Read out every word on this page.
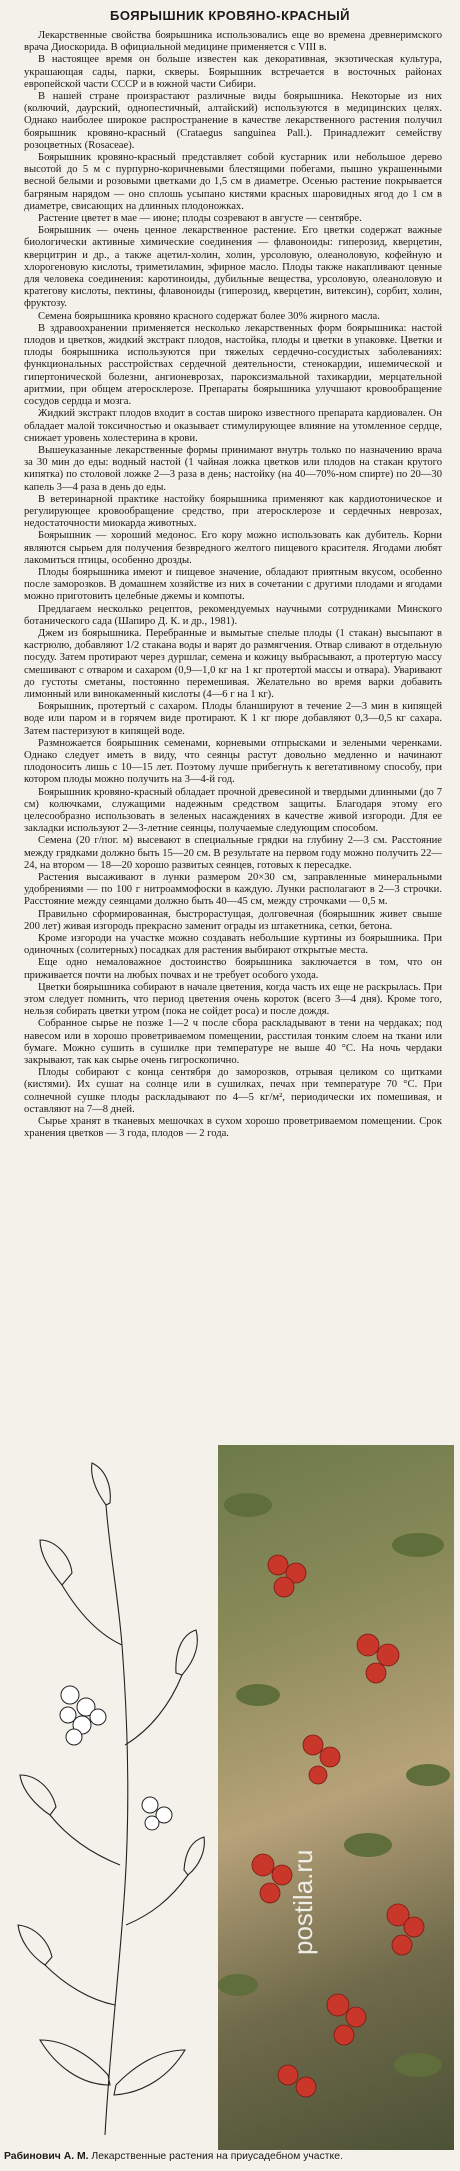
БОЯРЫШНИК КРОВЯНО-КРАСНЫЙ

Лекарственные свойства боярышника использовались еще во времена древнеримского врача Диоскорида. В официальной медицине применяется с VIII в.

В настоящее время он больше известен как декоративная, экзотическая культура, украшающая сады, парки, скверы. Боярышник встречается в восточных районах европейской части СССР и в южной части Сибири.

В нашей стране произрастают различные виды боярышника. Некоторые из них (колючий, даурский, однопестичный, алтайский) используются в медицинских целях. Однако наиболее широкое распространение в качестве лекарственного растения получил боярышник кровяно-красный (Crataegus sanguinea Pall.). Принадлежит семейству розоцветных (Rosaceae).

Боярышник кровяно-красный представляет собой кустарник или небольшое дерево высотой до 5 м с пурпурно-коричневыми блестящими побегами, пышно украшенными весной белыми и розовыми цветками до 1,5 см в диаметре. Осенью растение покрывается багряным нарядом — оно сплошь усыпано кистями красных шаровидных ягод до 1 см в диаметре, свисающих на длинных плодоножках.

Растение цветет в мае — июне; плоды созревают в августе — сентябре.

Боярышник — очень ценное лекарственное растение. Его цветки содержат важные биологически активные химические соединения — флавоноиды: гиперозид, кверцетин, кверцитрин и др., а также ацетил-холин, холин, урсоловую, олеаноловую, кофейную и хлорогеновую кислоты, триметиламин, эфирное масло. Плоды также накапливают ценные для человека соединения: каротиноиды, дубильные вещества, урсоловую, олеаноловую и кратегову кислоты, пектины, флавоноиды (гиперозид, кверцетин, витексин), сорбит, холин, фруктозу.

Семена боярышника кровяно красного содержат более 30% жирного масла.

В здравоохранении применяется несколько лекарственных форм боярышника: настой плодов и цветков, жидкий экстракт плодов, настойка, плоды и цветки в упаковке. Цветки и плоды боярышника используются при тяжелых сердечно-сосудистых заболеваниях: функциональных расстройствах сердечной деятельности, стенокардии, ишемической и гипертонической болезни, ангионеврозах, пароксизмальной тахикардии, мерцательной аритмии, при общем атеросклерозе. Препараты боярышника улучшают кровообращение сосудов сердца и мозга.

Жидкий экстракт плодов входит в состав широко известного препарата кардиовален. Он обладает малой токсичностью и оказывает стимулирующее влияние на утомленное сердце, снижает уровень холестерина в крови.

Вышеуказанные лекарственные формы принимают внутрь только по назначению врача за 30 мин до еды: водный настой (1 чайная ложка цветков или плодов на стакан крутого кипятка) по столовой ложке 2—3 раза в день; настойку (на 40—70%-ном спирте) по 20—30 капель 3—4 раза в день до еды.

В ветеринарной практике настойку боярышника применяют как кардиотоническое и регулирующее кровообращение средство, при атеросклерозе и сердечных неврозах, недостаточности миокарда животных.

Боярышник — хороший медонос. Его кору можно использовать как дубитель. Корни являются сырьем для получения безвредного желтого пищевого красителя. Ягодами любят лакомиться птицы, особенно дрозды.

Плоды боярышника имеют и пищевое значение, обладают приятным вкусом, особенно после заморозков. В домашнем хозяйстве из них в сочетании с другими плодами и ягодами можно приготовить целебные джемы и компоты.

Предлагаем несколько рецептов, рекомендуемых научными сотрудниками Минского ботанического сада (Шапиро Д. К. и др., 1981).

Джем из боярышника. Перебранные и вымытые спелые плоды (1 стакан) высыпают в кастрюлю, добавляют 1/2 стакана воды и варят до размягчения. Отвар сливают в отдельную посуду. Затем протирают через дуршлаг, семена и кожицу выбрасывают, а протертую массу смешивают с отваром и сахаром (0,9—1,0 кг на 1 кг протертой массы и отвара). Уваривают до густоты сметаны, постоянно перемешивая. Желательно во время варки добавить лимонный или винокаменный кислоты (4—6 г на 1 кг).

Боярышник, протертый с сахаром. Плоды бланшируют в течение 2—3 мин в кипящей воде или паром и в горячем виде протирают. К 1 кг пюре добавляют 0,3—0,5 кг сахара. Затем пастеризуют в кипящей воде.

Размножается боярышник семенами, корневыми отпрысками и зелеными черенками. Однако следует иметь в виду, что сеянцы растут довольно медленно и начинают плодоносить лишь с 10—15 лет. Поэтому лучше прибегнуть к вегетативному способу, при котором плоды можно получить на 3—4-й год.

Боярышник кровяно-красный обладает прочной древесиной и твердыми длинными (до 7 см) колючками, служащими надежным средством защиты. Благодаря этому его целесообразно использовать в зеленых насаждениях в качестве живой изгороди. Для ее закладки используют 2—3-летние сеянцы, получаемые следующим способом.

Семена (20 г/пог. м) высевают в специальные грядки на глубину 2—3 см. Расстояние между грядками должно быть 15—20 см. В результате на первом году можно получить 22—24, на втором — 18—20 хорошо развитых сеянцев, готовых к пересадке.

Растения высаживают в лунки размером 20×30 см, заправленные минеральными удобрениями — по 100 г нитроаммофоски в каждую. Лунки располагают в 2—3 строчки. Расстояние между сеянцами должно быть 40—45 см, между строчками — 0,5 м.

Правильно сформированная, быстрорастущая, долговечная (боярышник живет свыше 200 лет) живая изгородь прекрасно заменит ограды из штакетника, сетки, бетона.

Кроме изгороди на участке можно создавать небольшие куртины из боярышника. При одиночных (солитерных) посадках для растения выбирают открытые места.

Еще одно немаловажное достоинство боярышника заключается в том, что он приживается почти на любых почвах и не требует особого ухода.

Цветки боярышника собирают в начале цветения, когда часть их еще не раскрылась. При этом следует помнить, что период цветения очень короток (всего 3—4 дня). Кроме того, нельзя собирать цветки утром (пока не сойдет роса) и после дождя.

Собранное сырье не позже 1—2 ч после сбора раскладывают в тени на чердаках; под навесом или в хорошо проветриваемом помещении, расстилая тонким слоем на ткани или бумаге. Можно сушить в сушилке при температуре не выше 40 °С. На ночь чердаки закрывают, так как сырье очень гигроскопично.

Плоды собирают с конца сентября до заморозков, отрывая целиком со щитками (кистями). Их сушат на солнце или в сушилках, печах при температуре 70 °С. При солнечной сушке плоды раскладывают по 4—5 кг/м², периодически их помешивая, и оставляют на 7—8 дней.

Сырье хранят в тканевых мешочках в сухом хорошо проветриваемом помещении. Срок хранения цветков — 3 года, плодов — 2 года.

postila.ru
Рабинович А. М. Лекарственные растения на приусадебном участке.
